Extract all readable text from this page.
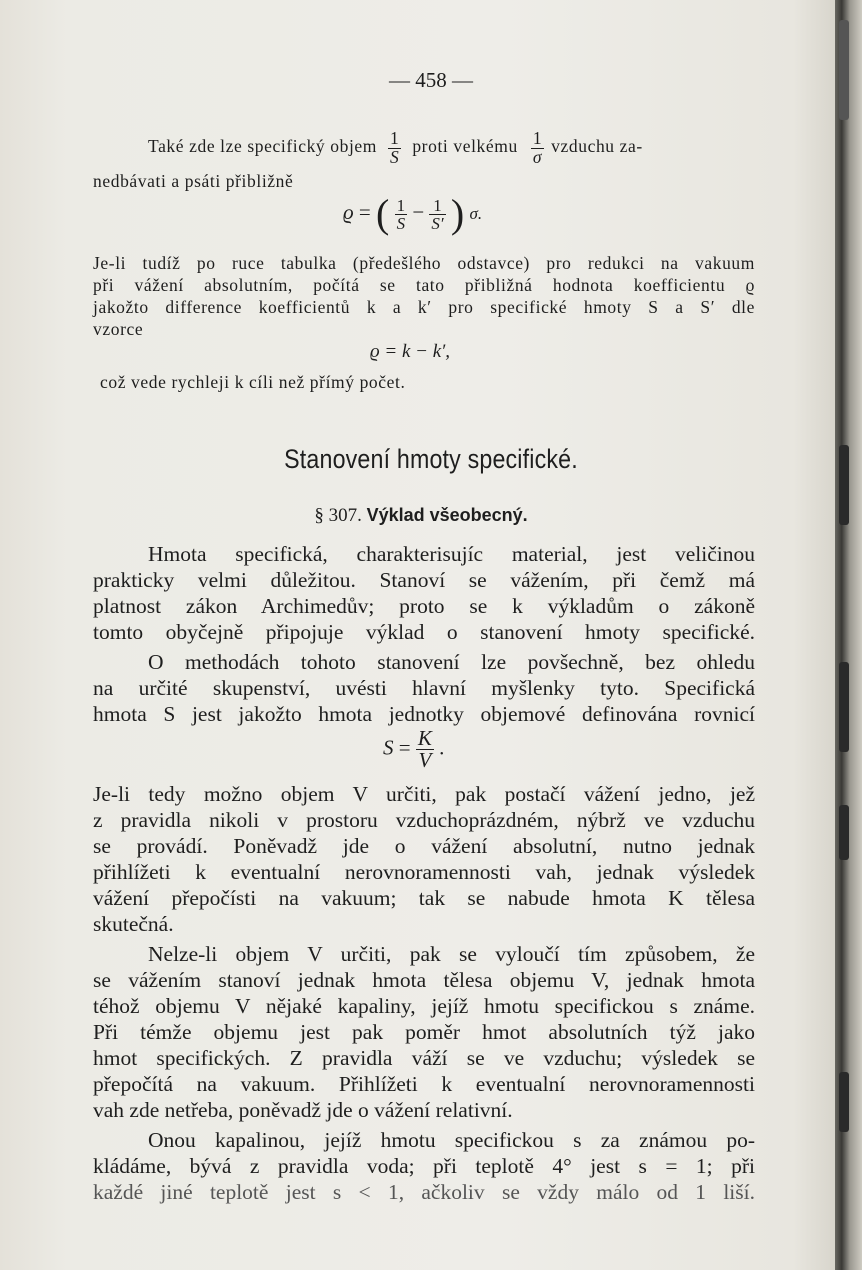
— 458 —
Také zde lze specifický objem $\frac{1}{S}$ proti velkému $\frac{1}{\sigma}$ vzduchu za-
nedbávati a psáti přibližně
ϱ = ( $\frac{1}{S} - \frac{1}{S'}$ ) σ.
Je-li tudíž po ruce tabulka (předešlého odstavce) pro redukci na vakuum
při vážení absolutním, počítá se tato přibližná hodnota koefficientu ϱ
jakožto difference koefficientů k a k′ pro specifické hmoty S a S′ dle
vzorce
ϱ = k − k′,
což vede rychleji k cíli než přímý počet.
Stanovení hmoty specifické.
§ 307. Výklad všeobecný.
Hmota specifická, charakterisujíc material, jest veličinou
prakticky velmi důležitou. Stanoví se vážením, při čemž má
platnost zákon Archimedův; proto se k výkladům o zákoně
tomto obyčejně připojuje výklad o stanovení hmoty specifické.
O methodách tohoto stanovení lze povšechně, bez ohledu
na určité skupenství, uvésti hlavní myšlenky tyto. Specifická
hmota S jest jakožto hmota jednotky objemové definována rovnicí
$S = \frac{K}{V}$ .
Je-li tedy možno objem V určiti, pak postačí vážení jedno, jež
z pravidla nikoli v prostoru vzduchoprázdném, nýbrž ve vzduchu
se provádí. Poněvadž jde o vážení absolutní, nutno jednak
přihlížeti k eventualní nerovnoramennosti vah, jednak výsledek
vážení přepočísti na vakuum; tak se nabude hmota K tělesa
skutečná.
Nelze-li objem V určiti, pak se vyloučí tím způsobem, že
se vážením stanoví jednak hmota tělesa objemu V, jednak hmota
téhož objemu V nějaké kapaliny, jejíž hmotu specifickou s známe.
Při témže objemu jest pak poměr hmot absolutních týž jako
hmot specifických. Z pravidla váží se ve vzduchu; výsledek se
přepočítá na vakuum. Přihlížeti k eventualní nerovnoramennosti
vah zde netřeba, poněvadž jde o vážení relativní.
Onou kapalinou, jejíž hmotu specifickou s za známou po-
kládáme, bývá z pravidla voda; při teplotě 4° jest s = 1; při
každé jiné teplotě jest s < 1, ačkoliv se vždy málo od 1 liší.
